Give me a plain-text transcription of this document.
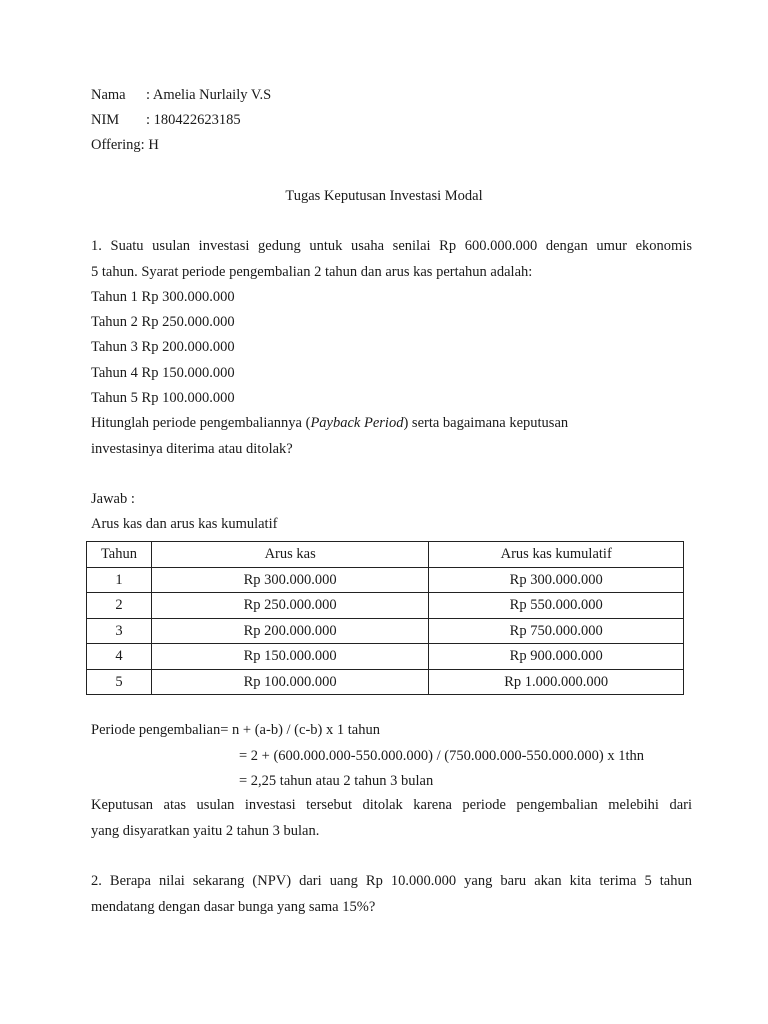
Nama : Amelia Nurlaily V.S
NIM : 180422623185
Offering: H
Tugas Keputusan Investasi Modal
1. Suatu usulan investasi gedung untuk usaha senilai Rp 600.000.000 dengan umur ekonomis
5 tahun. Syarat periode pengembalian 2 tahun dan arus kas pertahun adalah:
Tahun 1 Rp 300.000.000
Tahun 2 Rp 250.000.000
Tahun 3 Rp 200.000.000
Tahun 4 Rp 150.000.000
Tahun 5 Rp 100.000.000
Hitunglah periode pengembaliannya (Payback Period) serta bagaimana keputusan
investasinya diterima atau ditolak?
Jawab :
Arus kas dan arus kas kumulatif
Tahun	Arus kas	Arus kas kumulatif
1	Rp 300.000.000	Rp 300.000.000
2	Rp 250.000.000	Rp 550.000.000
3	Rp 200.000.000	Rp 750.000.000
4	Rp 150.000.000	Rp 900.000.000
5	Rp 100.000.000	Rp 1.000.000.000
Periode pengembalian= n + (a-b) / (c-b) x 1 tahun
= 2 + (600.000.000-550.000.000) / (750.000.000-550.000.000) x 1thn
= 2,25 tahun atau 2 tahun 3 bulan
Keputusan atas usulan investasi tersebut ditolak karena periode pengembalian melebihi dari
yang disyaratkan yaitu 2 tahun 3 bulan.
2. Berapa nilai sekarang (NPV) dari uang Rp 10.000.000 yang baru akan kita terima 5 tahun
mendatang dengan dasar bunga yang sama 15%?
